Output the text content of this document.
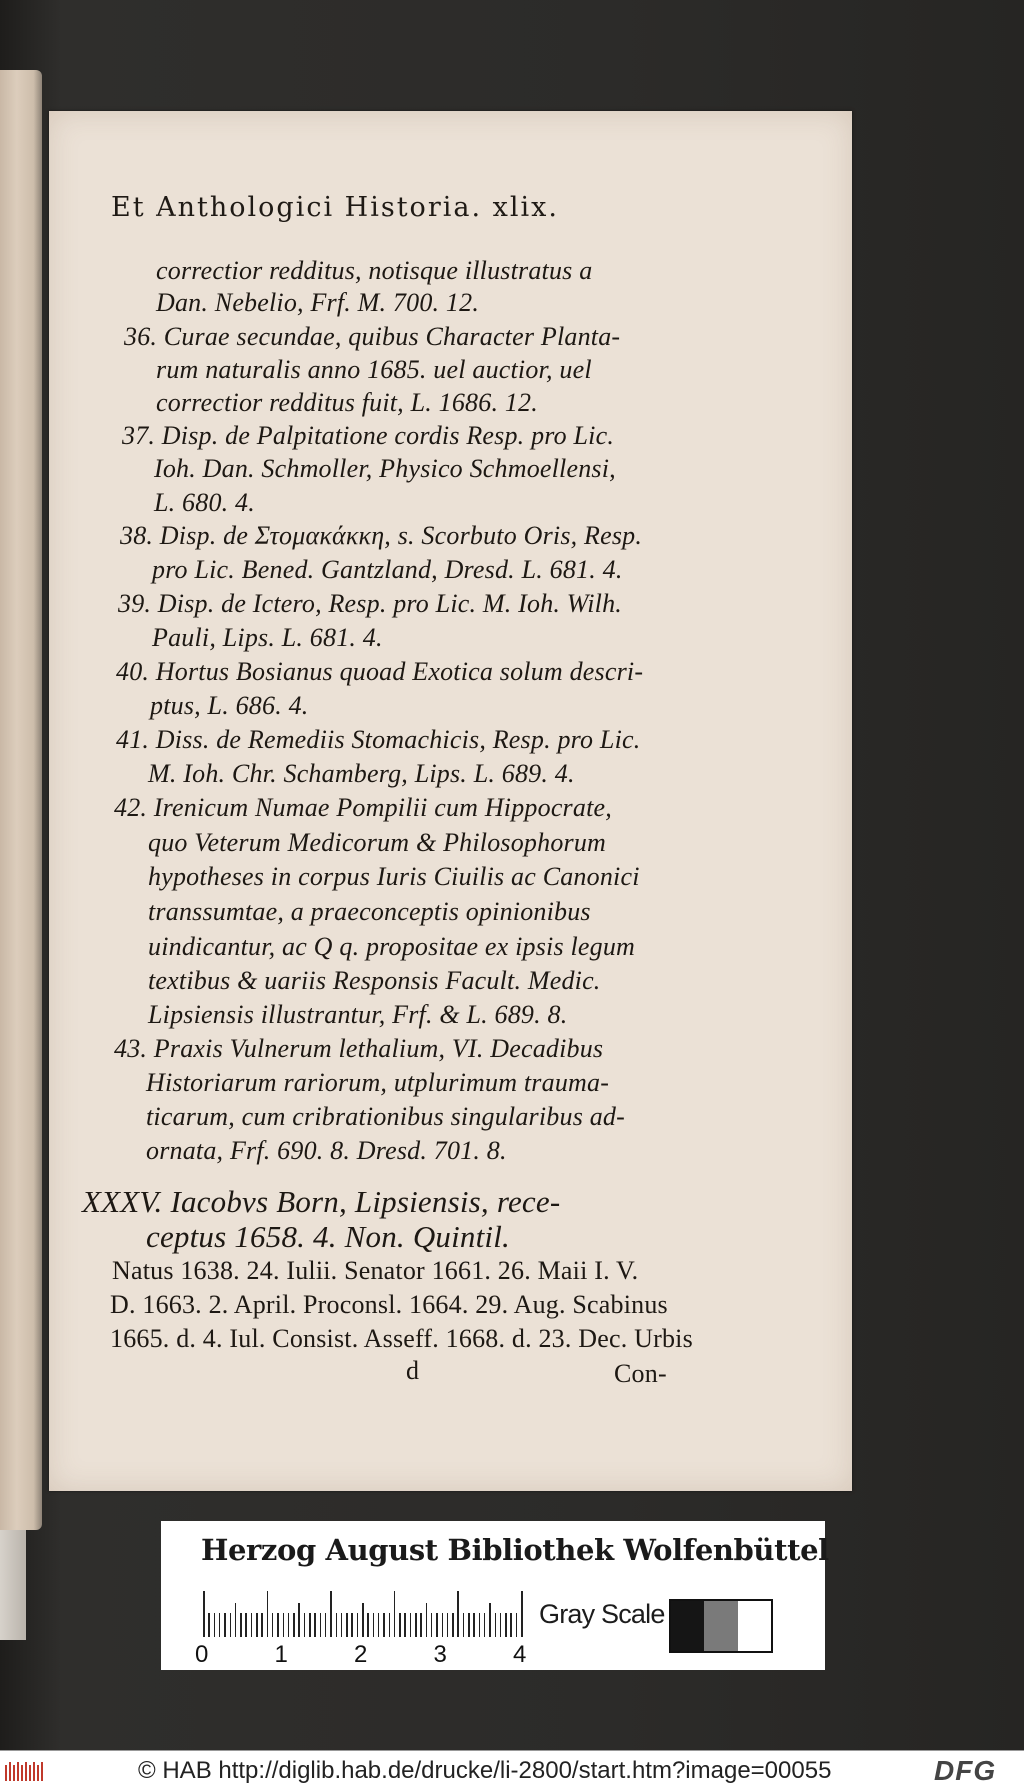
Et Anthologici Historia. xlix.
correctior redditus, notisque illustratus a
Dan. Nebelio, Frf. M. 700. 12.
36. Curae secundae, quibus Character Planta-
rum naturalis anno 1685. uel auctior, uel
correctior redditus fuit, L. 1686. 12.
37. Disp. de Palpitatione cordis Resp. pro Lic.
Ioh. Dan. Schmoller, Physico Schmoellensi,
L. 680. 4.
38. Disp. de Στομακάκκη, s. Scorbuto Oris, Resp.
pro Lic. Bened. Gantzland, Dresd. L. 681. 4.
39. Disp. de Ictero, Resp. pro Lic. M. Ioh. Wilh.
Pauli, Lips. L. 681. 4.
40. Hortus Bosianus quoad Exotica solum descri-
ptus, L. 686. 4.
41. Diss. de Remediis Stomachicis, Resp. pro Lic.
M. Ioh. Chr. Schamberg, Lips. L. 689. 4.
42. Irenicum Numae Pompilii cum Hippocrate,
quo Veterum Medicorum & Philosophorum
hypotheses in corpus Iuris Ciuilis ac Canonici
transsumtae, a praeconceptis opinionibus
uindicantur, ac Q q. propositae ex ipsis legum
textibus & uariis Responsis Facult. Medic.
Lipsiensis illustrantur, Frf. & L. 689. 8.
43. Praxis Vulnerum lethalium, VI. Decadibus
Historiarum rariorum, utplurimum trauma-
ticarum, cum cribrationibus singularibus ad-
ornata, Frf. 690. 8. Dresd. 701. 8.
XXXV. Iacobvs Born, Lipsiensis, rece-
ceptus 1658. 4. Non. Quintil.
Natus 1638. 24. Iulii. Senator 1661. 26. Maii I. V.
D. 1663. 2. April. Proconsl. 1664. 29. Aug. Scabinus
1665. d. 4. Iul. Consist. Asseff. 1668. d. 23. Dec. Urbis
d	Con-
Herzog August Bibliothek Wolfenbüttel
0	1	2	3	4
Gray Scale
© HAB http://diglib.hab.de/drucke/li-2800/start.htm?image=00055	DFG
